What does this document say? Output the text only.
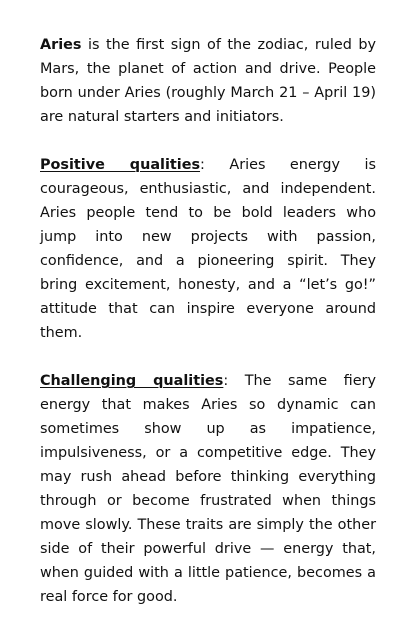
Aries is the first sign of the zodiac, ruled by Mars, the planet of action and drive. People born under Aries (roughly March 21 – April 19) are natural starters and initiators.

Positive qualities: Aries energy is courageous, enthusiastic, and independent. Aries people tend to be bold leaders who jump into new projects with passion, confidence, and a pioneering spirit. They bring excitement, honesty, and a “let’s go!” attitude that can inspire everyone around them.

Challenging qualities: The same fiery energy that makes Aries so dynamic can sometimes show up as impatience, impulsiveness, or a competitive edge. They may rush ahead before thinking everything through or become frustrated when things move slowly. These traits are simply the other side of their powerful drive — energy that, when guided with a little patience, becomes a real force for good.
